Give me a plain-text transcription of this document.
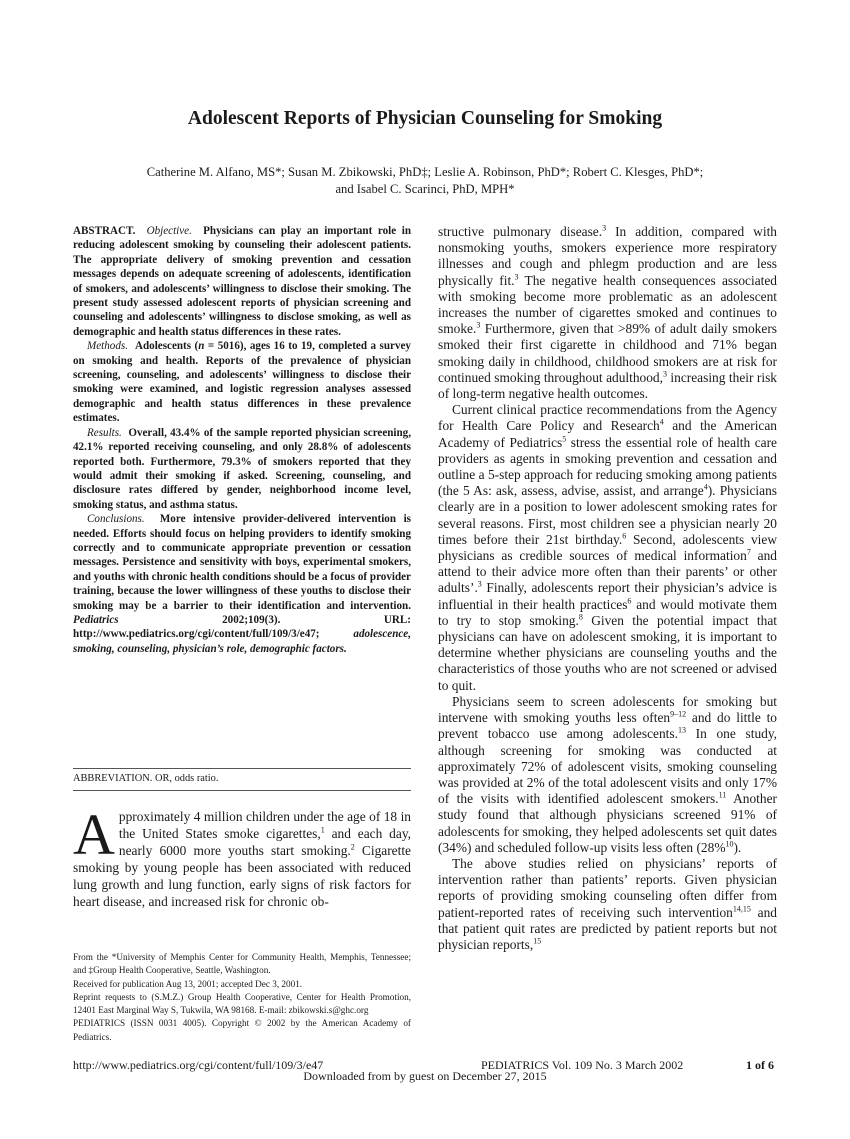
Adolescent Reports of Physician Counseling for Smoking
Catherine M. Alfano, MS*; Susan M. Zbikowski, PhD‡; Leslie A. Robinson, PhD*; Robert C. Klesges, PhD*;
and Isabel C. Scarinci, PhD, MPH*

ABSTRACT. Objective. Physicians can play an important role in reducing adolescent smoking by counseling their adolescent patients. The appropriate delivery of smoking prevention and cessation messages depends on adequate screening of adolescents, identification of smokers, and adolescents’ willingness to disclose their smoking. The present study assessed adolescent reports of physician screening and counseling and adolescents’ willingness to disclose smoking, as well as demographic and health status differences in these rates.

Methods. Adolescents (n = 5016), ages 16 to 19, completed a survey on smoking and health. Reports of the prevalence of physician screening, counseling, and adolescents’ willingness to disclose their smoking were examined, and logistic regression analyses assessed demographic and health status differences in these prevalence estimates.

Results. Overall, 43.4% of the sample reported physician screening, 42.1% reported receiving counseling, and only 28.8% of adolescents reported both. Furthermore, 79.3% of smokers reported that they would admit their smoking if asked. Screening, counseling, and disclosure rates differed by gender, neighborhood income level, smoking status, and asthma status.

Conclusions. More intensive provider-delivered intervention is needed. Efforts should focus on helping providers to identify smoking correctly and to communicate appropriate prevention or cessation messages. Persistence and sensitivity with boys, experimental smokers, and youths with chronic health conditions should be a focus of provider training, because the lower willingness of these youths to disclose their smoking may be a barrier to their identification and intervention. Pediatrics	2002;109(3). URL: http://www.pediatrics.org/cgi/content/full/109/3/e47;	adolescence, smoking, counseling, physician’s role, demographic factors.

ABBREVIATION. OR, odds ratio.

Approximately 4 million children under the age of 18 in the United States smoke cigarettes,$^1$ and each day, nearly 6000 more youths start smoking.$^2$ Cigarette smoking by young people has been associated with reduced lung growth and lung function, early signs of risk factors for heart disease, and increased risk for chronic ob-

From the *University of Memphis Center for Community Health, Memphis, Tennessee; and ‡Group Health Cooperative, Seattle, Washington.

Received for publication Aug 13, 2001; accepted Dec 3, 2001.

Reprint requests to (S.M.Z.) Group Health Cooperative, Center for Health Promotion, 12401 East Marginal Way S, Tukwila, WA 98168. E-mail: zbikowski.s@ghc.org

PEDIATRICS (ISSN 0031 4005). Copyright © 2002 by the American Academy of Pediatrics.

structive pulmonary disease.$^3$ In addition, compared with nonsmoking youths, smokers experience more respiratory illnesses and cough and phlegm production and are less physically fit.$^3$ The negative health consequences associated with smoking become more problematic as an adolescent increases the number of cigarettes smoked and continues to smoke.$^3$ Furthermore, given that >89% of adult daily smokers smoked their first cigarette in childhood and 71% began smoking daily in childhood, childhood smokers are at risk for continued smoking throughout adulthood,$^3$ increasing their risk of long-term negative health outcomes.

Current clinical practice recommendations from the Agency for Health Care Policy and Research$^4$ and the American Academy of Pediatrics$^5$ stress the essential role of health care providers as agents in smoking prevention and cessation and outline a 5-step approach for reducing smoking among patients (the 5 As: ask, assess, advise, assist, and arrange$^4$). Physicians clearly are in a position to lower adolescent smoking rates for several reasons. First, most children see a physician nearly 20 times before their 21st birthday.$^6$ Second, adolescents view physicians as credible sources of medical information$^7$ and attend to their advice more often than their parents’ or other adults’.$^3$ Finally, adolescents report their physician’s advice is influential in their health practices$^6$ and would motivate them to try to stop smoking.$^8$ Given the potential impact that physicians can have on adolescent smoking, it is important to determine whether physicians are counseling youths and the characteristics of those youths who are not screened or advised to quit.

Physicians seem to screen adolescents for smoking but intervene with smoking youths less often$^{9-12}$ and do little to prevent tobacco use among adolescents.$^{13}$ In one study, although screening for smoking was conducted at approximately 72% of adolescent visits, smoking counseling was provided at 2% of the total adolescent visits and only 17% of the visits with identified adolescent smokers.$^{11}$ Another study found that although physicians screened 91% of adolescents for smoking, they helped adolescents set quit dates (34%) and scheduled follow-up visits less often (28%$^{10}$).

The above studies relied on physicians’ reports of intervention rather than patients’ reports. Given physician reports of providing smoking counseling often differ from patient-reported rates of receiving such intervention$^{14,15}$ and that patient quit rates are predicted by patient reports but not physician reports,$^{15}$

http://www.pediatrics.org/cgi/content/full/109/3/e47	PEDIATRICS Vol. 109 No. 3 March 2002	1 of 6
Downloaded from by guest on December 27, 2015
